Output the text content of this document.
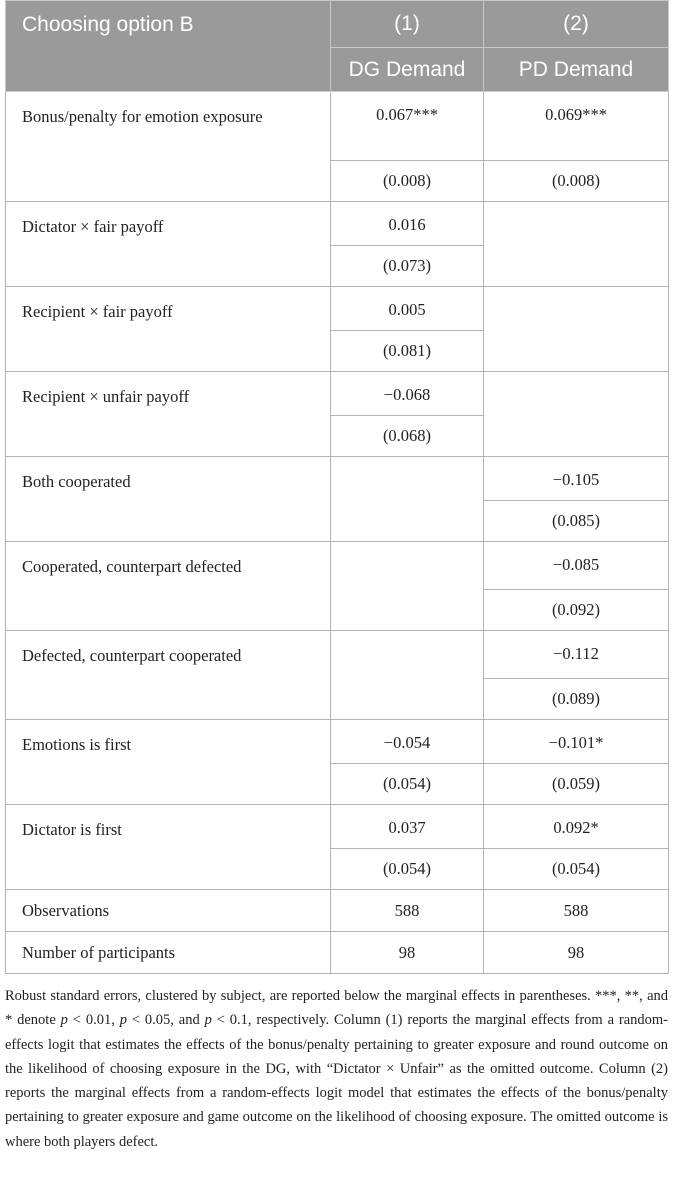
Choosing option B	(1)	(2)
	DG Demand	PD Demand
Bonus/penalty for emotion exposure	0.067***	0.069***
	(0.008)	(0.008)
Dictator × fair payoff	0.016	
	(0.073)	
Recipient × fair payoff	0.005	
	(0.081)	
Recipient × unfair payoff	−0.068	
	(0.068)	
Both cooperated		−0.105
		(0.085)
Cooperated, counterpart defected		−0.085
		(0.092)
Defected, counterpart cooperated		−0.112
		(0.089)
Emotions is first	−0.054	−0.101*
	(0.054)	(0.059)
Dictator is first	0.037	0.092*
	(0.054)	(0.054)
Observations	588	588
Number of participants	98	98

Robust standard errors, clustered by subject, are reported below the marginal effects in parentheses. ***, **, and * denote p < 0.01, p < 0.05, and p < 0.1, respectively. Column (1) reports the marginal effects from a random-effects logit that estimates the effects of the bonus/penalty pertaining to greater exposure and round outcome on the likelihood of choosing exposure in the DG, with “Dictator × Unfair” as the omitted outcome. Column (2) reports the marginal effects from a random-effects logit model that estimates the effects of the bonus/penalty pertaining to greater exposure and game outcome on the likelihood of choosing exposure. The omitted outcome is where both players defect.
